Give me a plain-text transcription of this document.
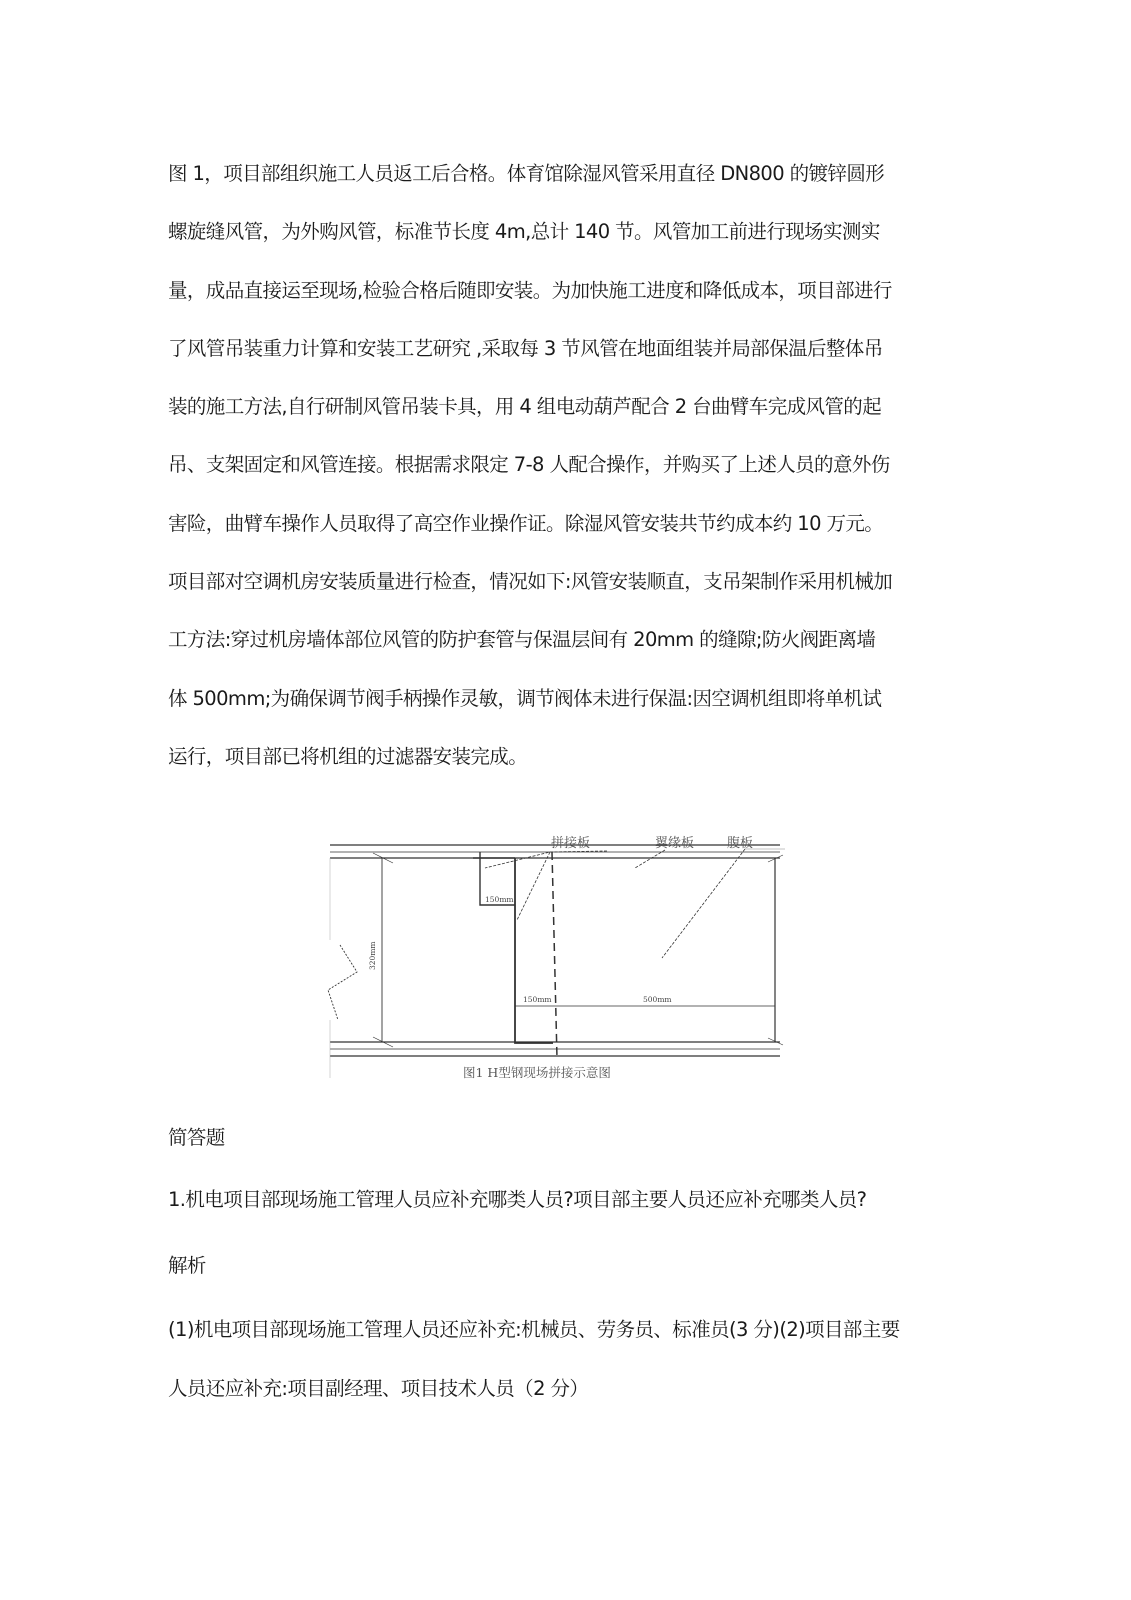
图 1，项目部组织施工人员返工后合格。体育馆除湿风管采用直径 DN800 的镀锌圆形
螺旋缝风管，为外购风管，标准节长度 4m,总计 140 节。风管加工前进行现场实测实
量，成品直接运至现场,检验合格后随即安装。为加快施工进度和降低成本，项目部进行
了风管吊装重力计算和安装工艺研究 ,采取每 3 节风管在地面组装并局部保温后整体吊
装的施工方法,自行研制风管吊装卡具，用 4 组电动葫芦配合 2 台曲臂车完成风管的起
吊、支架固定和风管连接。根据需求限定 7-8 人配合操作，并购买了上述人员的意外伤
害险，曲臂车操作人员取得了高空作业操作证。除湿风管安装共节约成本约 10 万元。
项目部对空调机房安装质量进行检查，情况如下:风管安装顺直，支吊架制作采用机械加
工方法:穿过机房墙体部位风管的防护套管与保温层间有 20mm 的缝隙;防火阀距离墙
体 500mm;为确保调节阀手柄操作灵敏，调节阀体未进行保温:因空调机组即将单机试
运行，项目部已将机组的过滤器安装完成。
拼接板	翼缘板	腹板
150mm
320mm
150mm	500mm
图1 H型钢现场拼接示意图
简答题
1.机电项目部现场施工管理人员应补充哪类人员?项目部主要人员还应补充哪类人员?
解析
(1)机电项目部现场施工管理人员还应补充:机械员、劳务员、标准员(3 分)(2)项目部主要
人员还应补充:项目副经理、项目技术人员（2 分）
